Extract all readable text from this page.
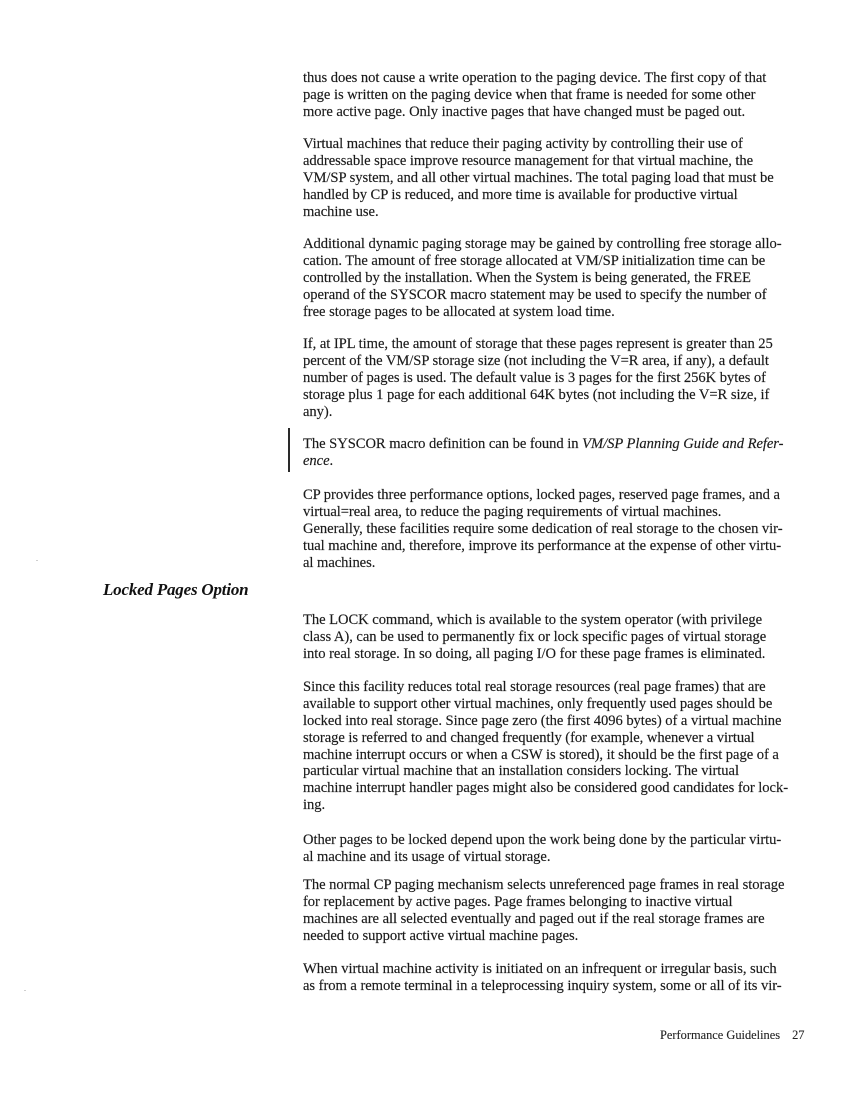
thus does not cause a write operation to the paging device. The first copy of that
page is written on the paging device when that frame is needed for some other
more active page. Only inactive pages that have changed must be paged out.

Virtual machines that reduce their paging activity by controlling their use of
addressable space improve resource management for that virtual machine, the
VM/SP system, and all other virtual machines. The total paging load that must be
handled by CP is reduced, and more time is available for productive virtual
machine use.

Additional dynamic paging storage may be gained by controlling free storage allo-
cation. The amount of free storage allocated at VM/SP initialization time can be
controlled by the installation. When the System is being generated, the FREE
operand of the SYSCOR macro statement may be used to specify the number of
free storage pages to be allocated at system load time.

If, at IPL time, the amount of storage that these pages represent is greater than 25
percent of the VM/SP storage size (not including the V=R area, if any), a default
number of pages is used. The default value is 3 pages for the first 256K bytes of
storage plus 1 page for each additional 64K bytes (not including the V=R size, if
any).

The SYSCOR macro definition can be found in VM/SP Planning Guide and Refer-
ence.

CP provides three performance options, locked pages, reserved page frames, and a
virtual=real area, to reduce the paging requirements of virtual machines.
Generally, these facilities require some dedication of real storage to the chosen vir-
tual machine and, therefore, improve its performance at the expense of other virtu-
al machines.

Locked Pages Option

The LOCK command, which is available to the system operator (with privilege
class A), can be used to permanently fix or lock specific pages of virtual storage
into real storage. In so doing, all paging I/O for these page frames is eliminated.

Since this facility reduces total real storage resources (real page frames) that are
available to support other virtual machines, only frequently used pages should be
locked into real storage. Since page zero (the first 4096 bytes) of a virtual machine
storage is referred to and changed frequently (for example, whenever a virtual
machine interrupt occurs or when a CSW is stored), it should be the first page of a
particular virtual machine that an installation considers locking. The virtual
machine interrupt handler pages might also be considered good candidates for lock-
ing.

Other pages to be locked depend upon the work being done by the particular virtu-
al machine and its usage of virtual storage.

The normal CP paging mechanism selects unreferenced page frames in real storage
for replacement by active pages. Page frames belonging to inactive virtual
machines are all selected eventually and paged out if the real storage frames are
needed to support active virtual machine pages.

When virtual machine activity is initiated on an infrequent or irregular basis, such
as from a remote terminal in a teleprocessing inquiry system, some or all of its vir-

Performance Guidelines 27
